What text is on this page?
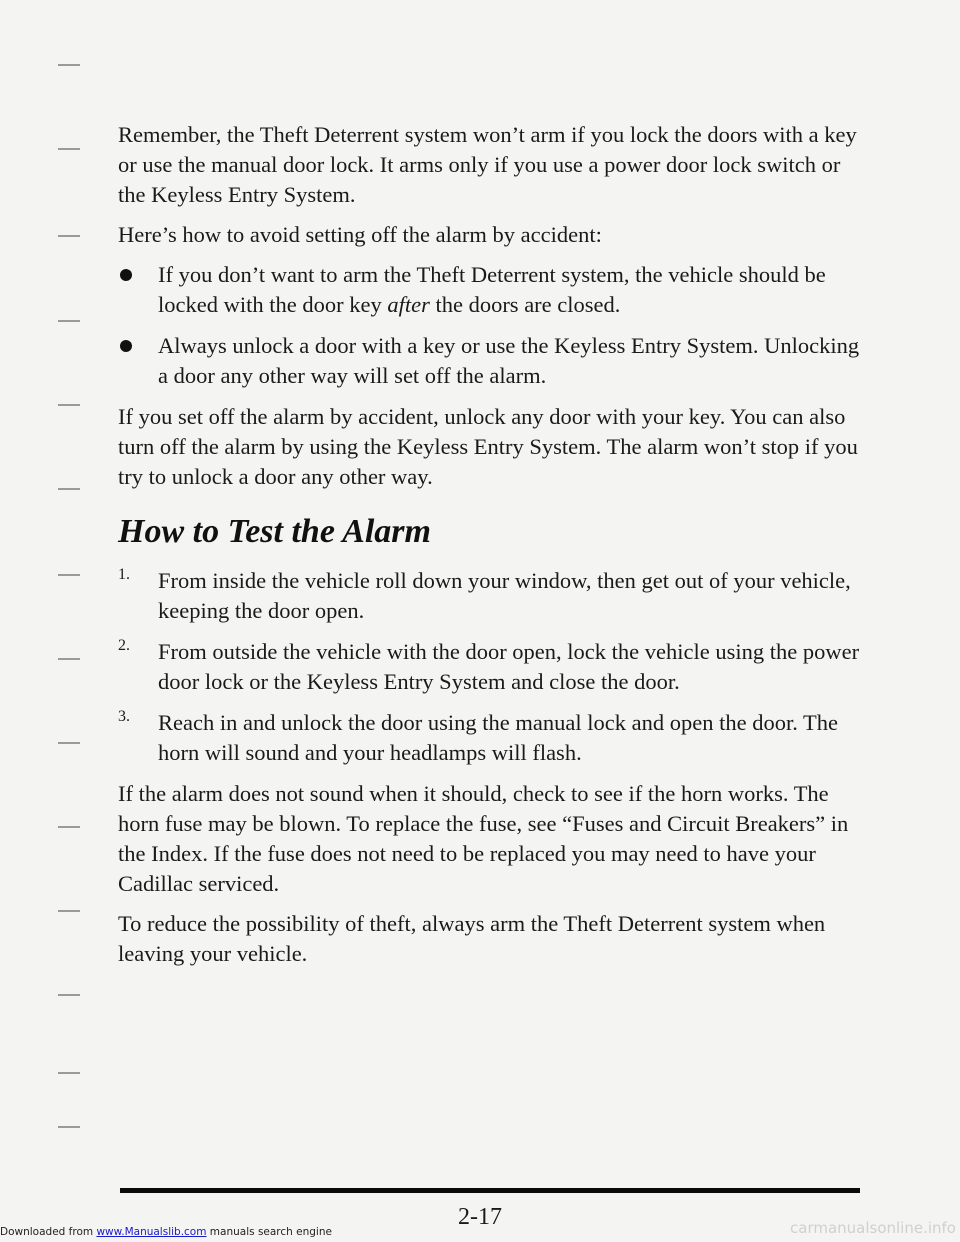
Remember, the Theft Deterrent system won’t arm if you lock the doors with a key or use the manual door lock. It arms only if you use a power door lock switch or the Keyless Entry System.

Here’s how to avoid setting off the alarm by accident:

If you don’t want to arm the Theft Deterrent system, the vehicle should be locked with the door key after the doors are closed.

Always unlock a door with a key or use the Keyless Entry System. Unlocking a door any other way will set off the alarm.

If you set off the alarm by accident, unlock any door with your key. You can also turn off the alarm by using the Keyless Entry System. The alarm won’t stop if you try to unlock a door any other way.

How to Test the Alarm
1. From inside the vehicle roll down your window, then get out of your vehicle, keeping the door open.

2. From outside the vehicle with the door open, lock the vehicle using the power door lock or the Keyless Entry System and close the door.

3. Reach in and unlock the door using the manual lock and open the door. The horn will sound and your headlamps will flash.

If the alarm does not sound when it should, check to see if the horn works. The horn fuse may be blown. To replace the fuse, see “Fuses and Circuit Breakers” in the Index. If the fuse does not need to be replaced you may need to have your Cadillac serviced.

To reduce the possibility of theft, always arm the Theft Deterrent system when leaving your vehicle.

2-17
Downloaded from www.Manualslib.com manuals search engine	carmanualsonline.info
